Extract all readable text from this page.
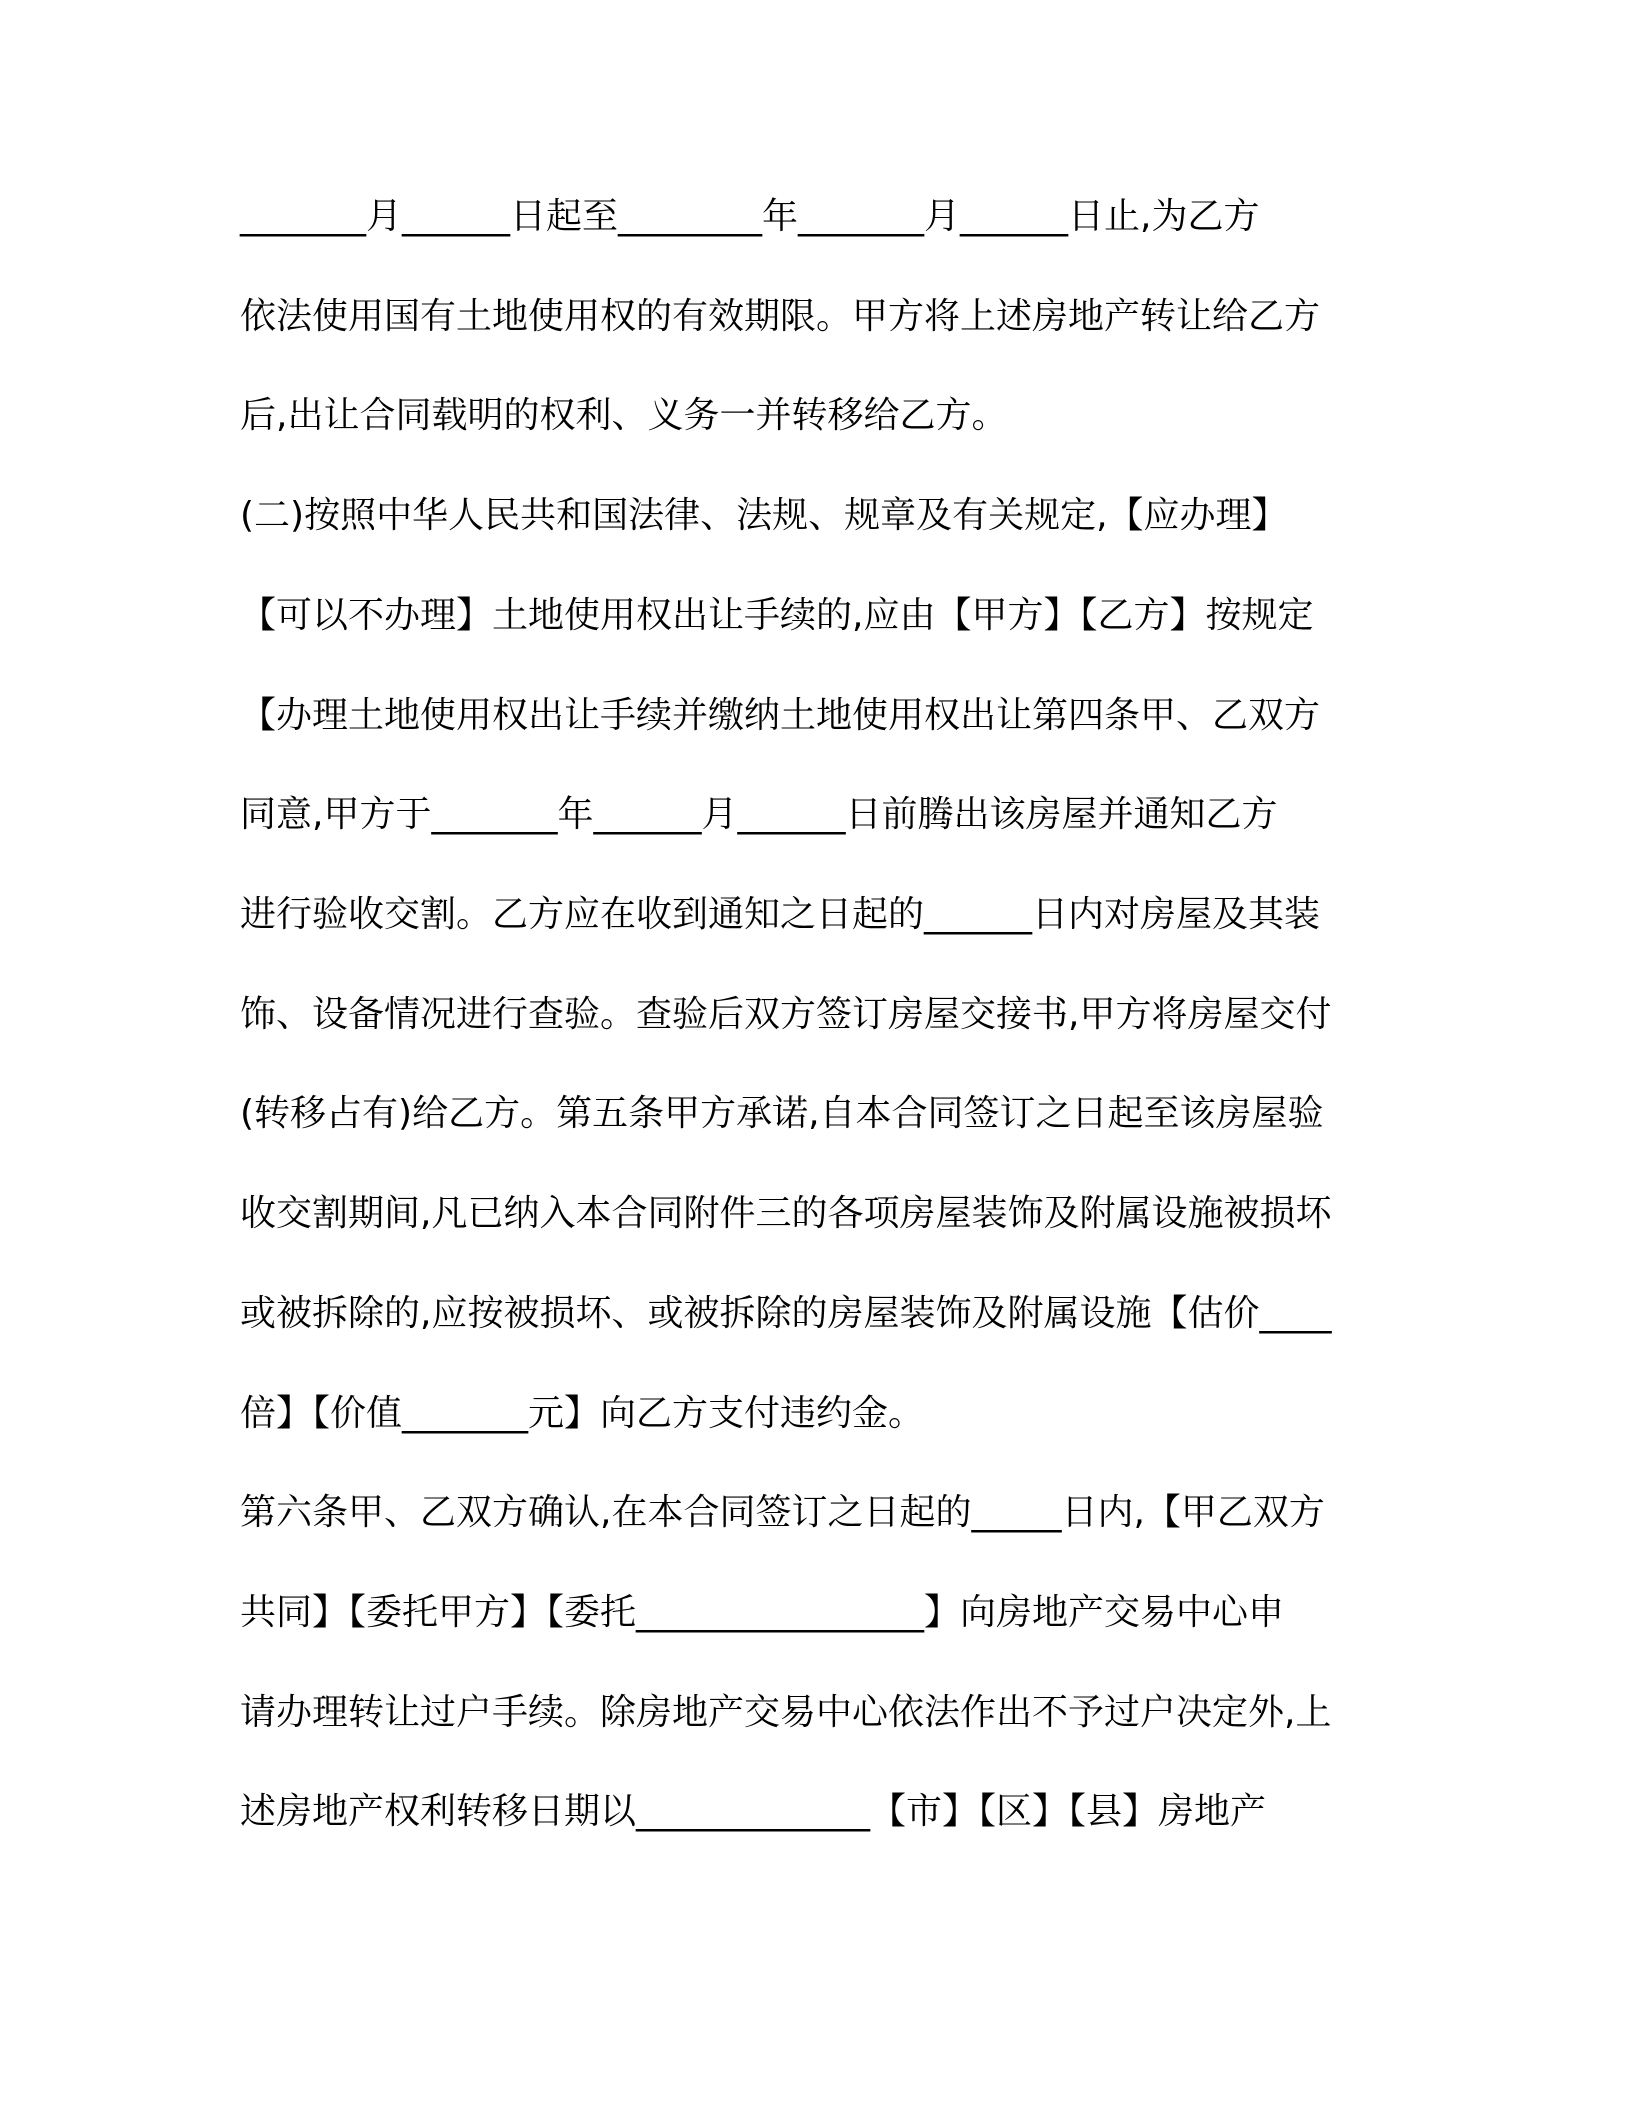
_______月______日起至________年_______月______日止,为乙方
依法使用国有土地使用权的有效期限。甲方将上述房地产转让给乙方
后,出让合同载明的权利、义务一并转移给乙方。
(二)按照中华人民共和国法律、法规、规章及有关规定,【应办理】
【可以不办理】土地使用权出让手续的,应由【甲方】【乙方】按规定
【办理土地使用权出让手续并缴纳土地使用权出让第四条甲、乙双方
同意,甲方于_______年______月______日前腾出该房屋并通知乙方
进行验收交割。乙方应在收到通知之日起的______日内对房屋及其装
饰、设备情况进行查验。查验后双方签订房屋交接书,甲方将房屋交付
(转移占有)给乙方。第五条甲方承诺,自本合同签订之日起至该房屋验
收交割期间,凡已纳入本合同附件三的各项房屋装饰及附属设施被损坏
或被拆除的,应按被损坏、或被拆除的房屋装饰及附属设施【估价____
倍】【价值_______元】向乙方支付违约金。
第六条甲、乙双方确认,在本合同签订之日起的_____日内,【甲乙双方
共同】【委托甲方】【委托________________】向房地产交易中心申
请办理转让过户手续。除房地产交易中心依法作出不予过户决定外,上
述房地产权利转移日期以_____________【市】【区】【县】房地产
